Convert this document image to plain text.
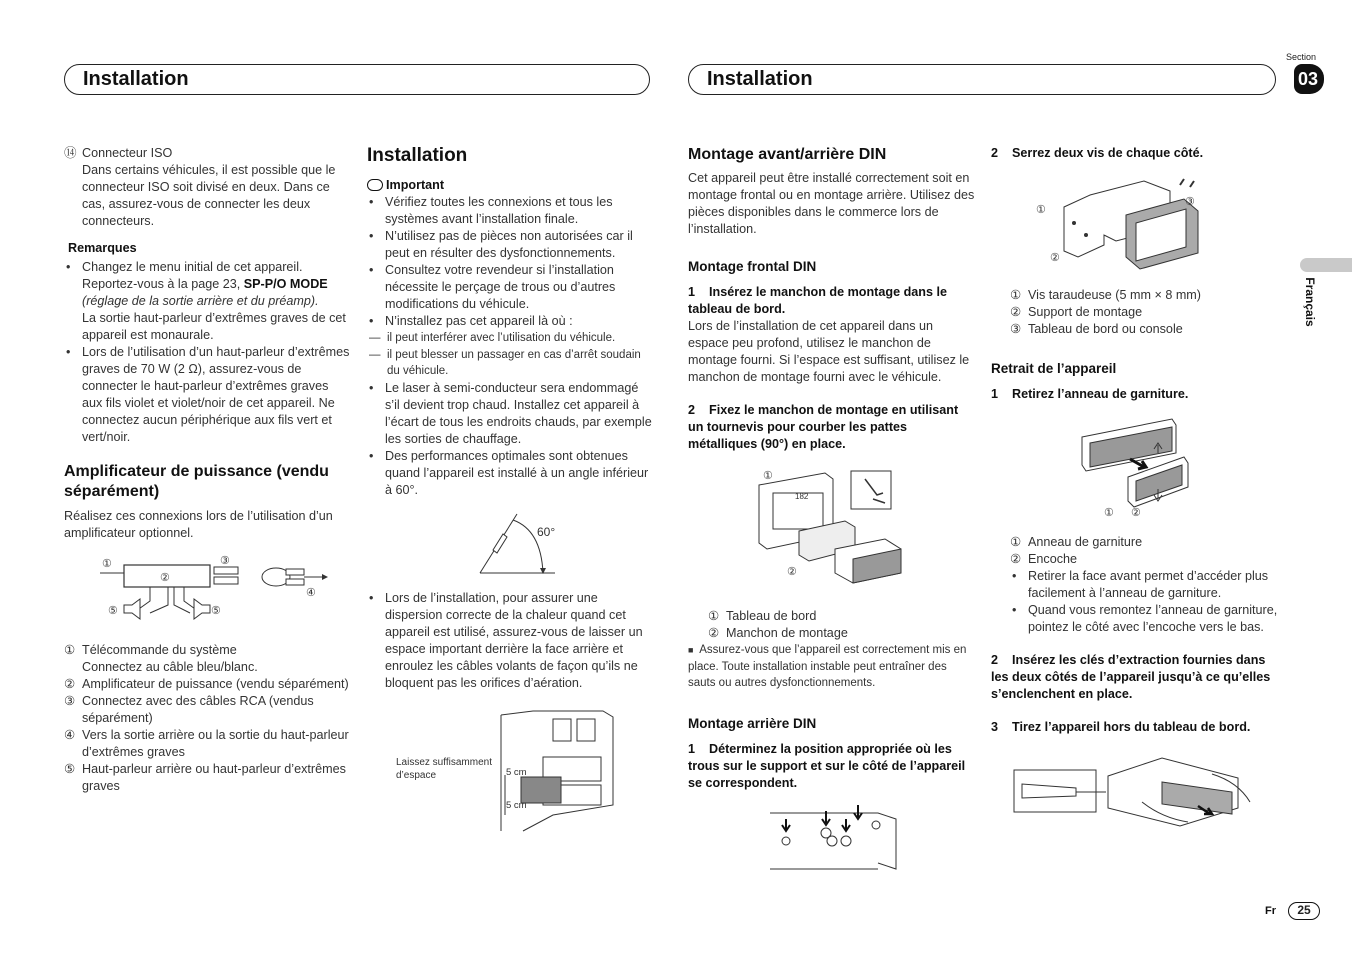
Installation	Installation
Section
03
Français
Fr	25
⑭ Connecteur ISO

Dans certains véhicules, il est possible que le connecteur ISO soit divisé en deux. Dans ce cas, assurez-vous de connecter les deux connecteurs.

Remarques

• Changez le menu initial de cet appareil. Reportez-vous à la page 23, SP-P/O MODE (réglage de la sortie arrière et du préamp).

La sortie haut-parleur d’extrêmes graves de cet appareil est monaurale.

• Lors de l’utilisation d’un haut-parleur d’extrêmes graves de 70 W (2 Ω), assurez-vous de connecter le haut-parleur d’extrêmes graves aux fils violet et violet/noir de cet appareil. Ne connectez aucun périphérique aux fils vert et vert/noir.

Amplificateur de puissance (vendu séparément)

Réalisez ces connexions lors de l’utilisation d’un amplificateur optionnel.

①
②
③
④
⑤	⑤
① Télécommande du système

Connectez au câble bleu/blanc.

② Amplificateur de puissance (vendu séparément)

③ Connectez avec des câbles RCA (vendus séparément)

④ Vers la sortie arrière ou la sortie du haut-parleur d’extrêmes graves

⑤ Haut-parleur arrière ou haut-parleur d’extrêmes graves

Installation

Important

• Vérifiez toutes les connexions et tous les systèmes avant l’installation finale.

• N’utilisez pas de pièces non autorisées car il peut en résulter des dysfonctionnements.

• Consultez votre revendeur si l’installation nécessite le perçage de trous ou d’autres modifications du véhicule.

• N’installez pas cet appareil là où :

— il peut interférer avec l’utilisation du véhicule.

— il peut blesser un passager en cas d’arrêt soudain du véhicule.

• Le laser à semi-conducteur sera endommagé s’il devient trop chaud. Installez cet appareil à l’écart de tous les endroits chauds, par exemple les sorties de chauffage.

• Des performances optimales sont obtenues quand l’appareil est installé à un angle inférieur à 60°.

60°

• Lors de l’installation, pour assurer une dispersion correcte de la chaleur quand cet appareil est utilisé, assurez-vous de laisser un espace important derrière la face arrière et enroulez les câbles volants de façon qu’ils ne bloquent pas les orifices d’aération.

Laissez suffisamment
d’espace	5 cm
5 cm

Montage avant/arrière DIN

Cet appareil peut être installé correctement soit en montage frontal ou en montage arrière. Utilisez des pièces disponibles dans le commerce lors de l’installation.

Montage frontal DIN

1 Insérez le manchon de montage dans le tableau de bord.

Lors de l’installation de cet appareil dans un espace peu profond, utilisez le manchon de montage fourni. Si l’espace est suffisant, utilisez le manchon de montage fourni avec le véhicule.

2 Fixez le manchon de montage en utilisant un tournevis pour courber les pattes métalliques (90°) en place.

182
①
②
① Tableau de bord

② Manchon de montage

■ Assurez-vous que l’appareil est correctement mis en place. Toute installation instable peut entraîner des sauts ou autres dysfonctionnements.

Montage arrière DIN

1 Déterminez la position appropriée où les trous sur le support et sur le côté de l’appareil se correspondent.

2 Serrez deux vis de chaque côté.

①
②
③
① Vis taraudeuse (5 mm × 8 mm)

② Support de montage

③ Tableau de bord ou console

Retrait de l’appareil

1 Retirez l’anneau de garniture.

① ②
① Anneau de garniture

② Encoche

• Retirer la face avant permet d’accéder plus facilement à l’anneau de garniture.

• Quand vous remontez l’anneau de garniture, pointez le côté avec l’encoche vers le bas.

2 Insérez les clés d’extraction fournies dans les deux côtés de l’appareil jusqu’à ce qu’elles s’enclenchent en place.

3 Tirez l’appareil hors du tableau de bord.
